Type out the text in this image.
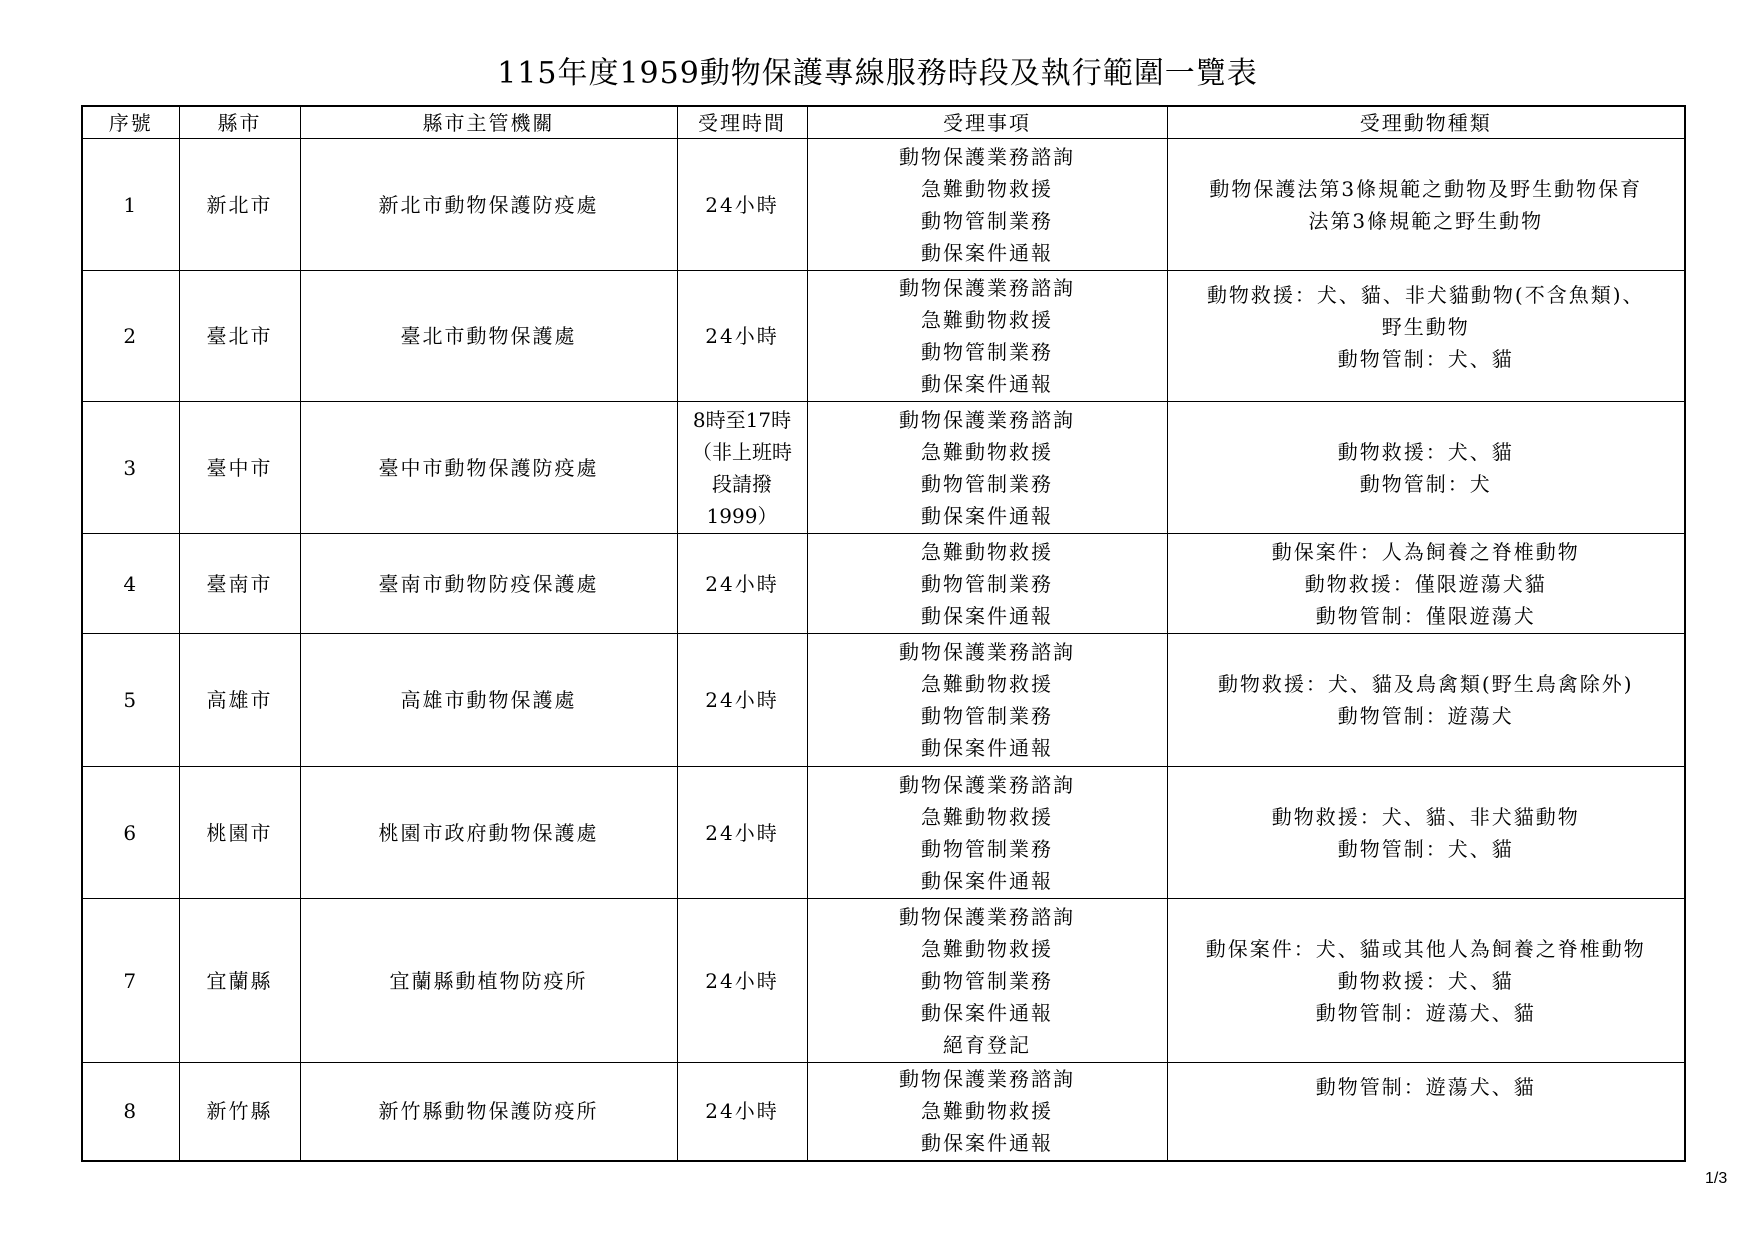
115年度1959動物保護專線服務時段及執行範圍一覽表
序號	縣市	縣市主管機關	受理時間	受理事項	受理動物種類
1	新北市	新北市動物保護防疫處	24小時	動物保護業務諮詢
急難動物救援
動物管制業務
動保案件通報	動物保護法第3條規範之動物及野生動物保育
法第3條規範之野生動物

2	臺北市	臺北市動物保護處	24小時	動物保護業務諮詢
急難動物救援
動物管制業務
動保案件通報	動物救援：犬、貓、非犬貓動物(不含魚類)、
野生動物
動物管制：犬、貓

3	臺中市	臺中市動物保護防疫處	8時至17時
（非上班時
段請撥
1999）	動物保護業務諮詢
急難動物救援
動物管制業務
動保案件通報	動物救援：犬、貓
動物管制：犬

4	臺南市	臺南市動物防疫保護處	24小時	急難動物救援
動物管制業務
動保案件通報	動保案件：人為飼養之脊椎動物
動物救援：僅限遊蕩犬貓
動物管制：僅限遊蕩犬

5	高雄市	高雄市動物保護處	24小時	動物保護業務諮詢
急難動物救援
動物管制業務
動保案件通報	動物救援：犬、貓及鳥禽類(野生鳥禽除外)
動物管制：遊蕩犬

6	桃園市	桃園市政府動物保護處	24小時	動物保護業務諮詢
急難動物救援
動物管制業務
動保案件通報	動物救援：犬、貓、非犬貓動物
動物管制：犬、貓

7	宜蘭縣	宜蘭縣動植物防疫所	24小時	動物保護業務諮詢
急難動物救援
動物管制業務
動保案件通報
絕育登記	動保案件：犬、貓或其他人為飼養之脊椎動物
動物救援：犬、貓
動物管制：遊蕩犬、貓

8	新竹縣	新竹縣動物保護防疫所	24小時	動物保護業務諮詢
急難動物救援
動保案件通報	動物管制：遊蕩犬、貓
1/3
